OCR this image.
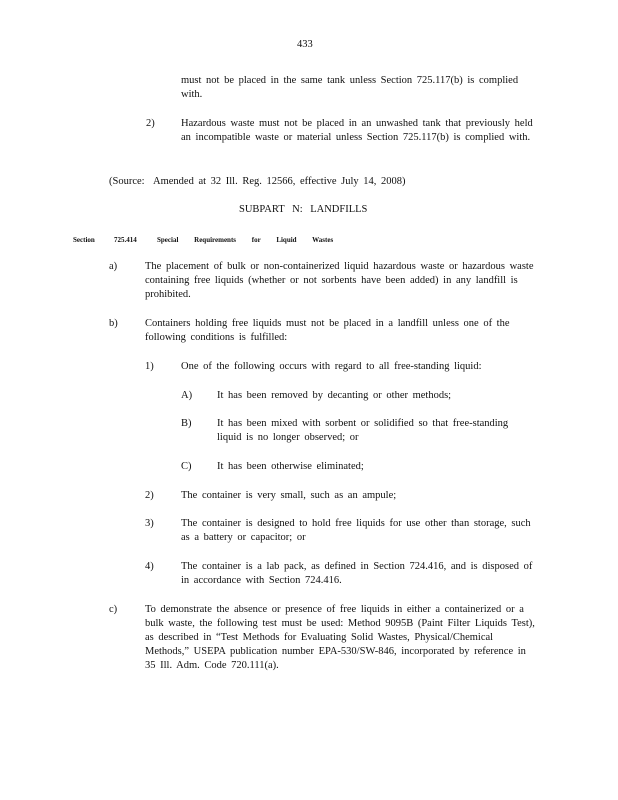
433
must not be placed in the same tank unless Section 725.117(b) is complied with.
2)	Hazardous waste must not be placed in an unwashed tank that previously held an incompatible waste or material unless Section 725.117(b) is complied with.
(Source: Amended at 32 Ill. Reg. 12566, effective July 14, 2008)
SUBPART N: LANDFILLS
Section	725.414	Special Requirements for Liquid Wastes
a)	The placement of bulk or non-containerized liquid hazardous waste or hazardous waste containing free liquids (whether or not sorbents have been added) in any landfill is prohibited.
b)	Containers holding free liquids must not be placed in a landfill unless one of the following conditions is fulfilled:
1)	One of the following occurs with regard to all free-standing liquid:
A) It has been removed by decanting or other methods;
B) It has been mixed with sorbent or solidified so that free-standing liquid is no longer observed; or
C) It has been otherwise eliminated;
2)	The container is very small, such as an ampule;
3)	The container is designed to hold free liquids for use other than storage, such as a battery or capacitor; or
4)	The container is a lab pack, as defined in Section 724.416, and is disposed of in accordance with Section 724.416.
c)	To demonstrate the absence or presence of free liquids in either a containerized or a bulk waste, the following test must be used: Method 9095B (Paint Filter Liquids Test), as described in “Test Methods for Evaluating Solid Wastes, Physical/Chemical Methods,” USEPA publication number EPA-530/SW-846, incorporated by reference in 35 Ill. Adm. Code 720.111(a).
